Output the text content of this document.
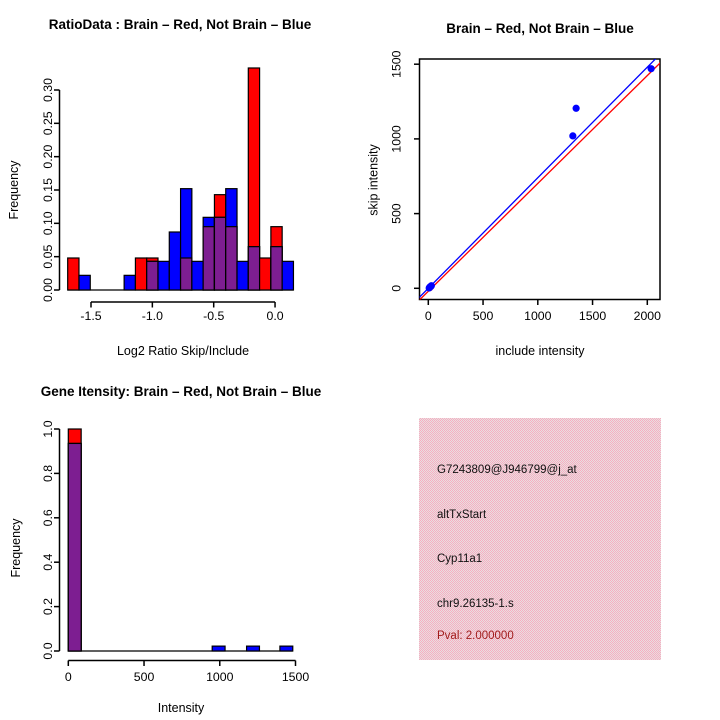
RatioData : Brain – Red, Not Brain – Blue
Log2 Ratio Skip/Include
Frequency
Brain – Red, Not Brain – Blue
include intensity
skip intensity
Gene Itensity: Brain – Red, Not Brain – Blue
Intensity
Frequency
0.00
0.05
0.10
0.15
0.20
0.25
0.30
-1.5	-1.0	-0.5	0.0	0	500	1000 1500 2000
0
500
1000
1500
0.0
0.2
0.4
0.6
0.8
1.0
0	500	1000	1500
G7243809@J946799@j_at
altTxStart
Cyp11a1
chr9.26135-1.s
Pval: 2.000000
